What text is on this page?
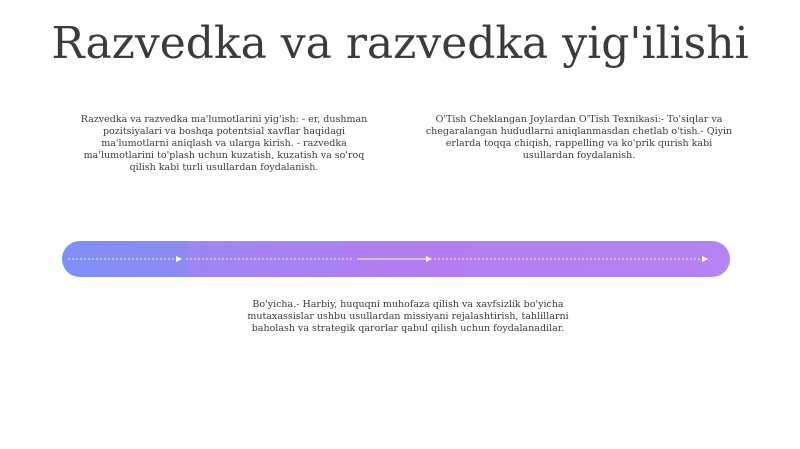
Razvedka va razvedka yig'ilishi
Razvedka va razvedka ma'lumotlarini yig'ish: - er, dushman pozitsiyalari va boshqa potentsial xavflar haqidagi ma'lumotlarni aniqlash va ularga kirish. - razvedka ma'lumotlarini to'plash uchun kuzatish, kuzatish va so'roq qilish kabi turli usullardan foydalanish.
O'Tish Cheklangan Joylardan O'Tish Texnikasi:- To'siqlar va chegaralangan hududlarni aniqlanmasdan chetlab o'tish.- Qiyin erlarda toqqa chiqish, rappelling va ko'prik qurish kabi usullardan foydalanish.
Bo'yicha.- Harbiy, huquqni muhofaza qilish va xavfsizlik bo'yicha mutaxassislar ushbu usullardan missiyani rejalashtirish, tahlillarni baholash va strategik qarorlar qabul qilish uchun foydalanadilar.
